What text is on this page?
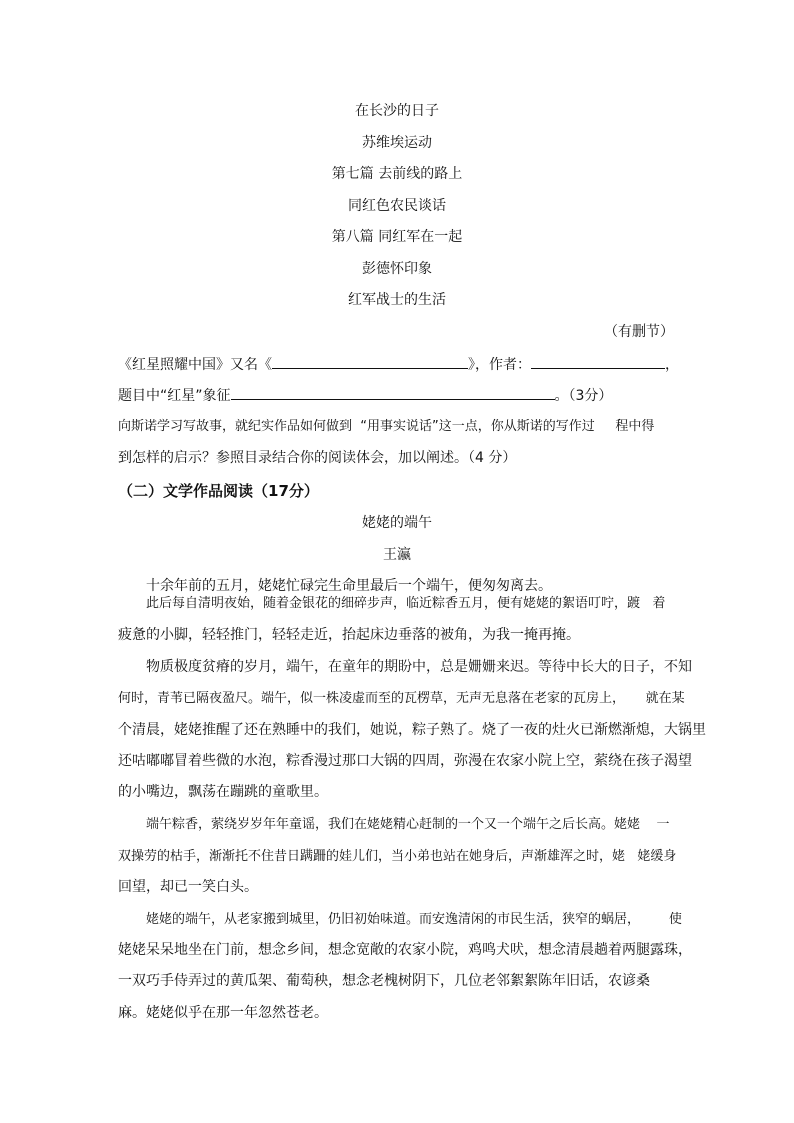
在长沙的日子
苏维埃运动
第七篇 去前线的路上
同红色农民谈话
第八篇 同红军在一起
彭德怀印象
红军战士的生活
（有删节）
《红星照耀中国》又名《	》，作者：	，
题目中“红星”象征	。（3分）
向斯诺学习写故事，就纪实作品如何做到  “用事实说话”这一点，你从斯诺的写作过     程中得
到怎样的启示？参照目录结合你的阅读体会，加以阐述。（4 分）
（二）文学作品阅读（17分）
姥姥的端午
王瀛
十余年前的五月，姥姥忙碌完生命里最后一个端午，便匆匆离去。
此后每自清明夜始，随着金银花的细碎步声，临近粽香五月，便有姥姥的絮语叮咛，踱   着
疲惫的小脚，轻轻推门，轻轻走近，抬起床边垂落的被角，为我一掩再掩。
物质极度贫瘠的岁月，端午，在童年的期盼中，总是姗姗来迟。等待中长大的日子，不知
何时，青苇已隔夜盈尺。端午，似一株凌虚而至的瓦楞草，无声无息落在老家的瓦房上，     就在某
个清晨，姥姥推醒了还在熟睡中的我们，她说，粽子熟了。烧了一夜的灶火已渐燃渐熄，大锅里
还咕嘟嘟冒着些微的水泡，粽香漫过那口大锅的四周，弥漫在农家小院上空，萦绕在孩子渴望
的小嘴边，飘荡在蹦跳的童歌里。
端午粽香，萦绕岁岁年年童谣，我们在姥姥精心赶制的一个又一个端午之后长高。姥姥    一
双操劳的枯手，渐渐托不住昔日蹒跚的娃儿们，当小弟也站在她身后，声渐雄浑之时，姥   姥缓身
回望，却已一笑白头。
姥姥的端午，从老家搬到城里，仍旧初始味道。而安逸清闲的市民生活，狭窄的蜗居，       使
姥姥呆呆地坐在门前，想念乡间，想念宽敞的农家小院，鸡鸣犬吠，想念清晨趟着两腿露珠，
一双巧手侍弄过的黄瓜架、葡萄秧，想念老槐树阴下，几位老邻絮絮陈年旧话，农谚桑
麻。姥姥似乎在那一年忽然苍老。
